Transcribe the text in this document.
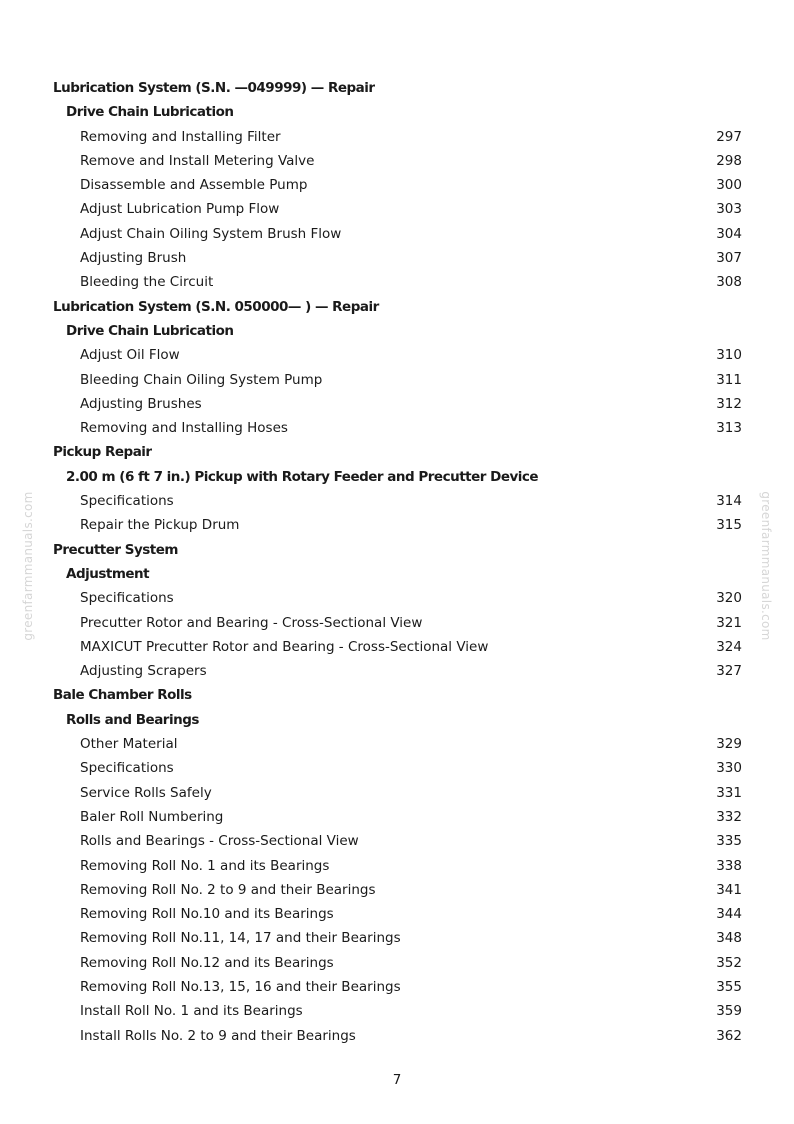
Lubrication System (S.N. —049999) — Repair
Drive Chain Lubrication
Removing and Installing Filter	297
Remove and Install Metering Valve	298
Disassemble and Assemble Pump	300
Adjust Lubrication Pump Flow	303
Adjust Chain Oiling System Brush Flow	304
Adjusting Brush	307
Bleeding the Circuit	308
Lubrication System (S.N. 050000— ) — Repair
Drive Chain Lubrication
Adjust Oil Flow	310
Bleeding Chain Oiling System Pump	311
Adjusting Brushes	312
Removing and Installing Hoses	313
Pickup Repair
2.00 m (6 ft 7 in.) Pickup with Rotary Feeder and Precutter Device
Specifications	314
Repair the Pickup Drum	315
Precutter System
Adjustment
Specifications	320
Precutter Rotor and Bearing - Cross-Sectional View	321
MAXICUT Precutter Rotor and Bearing - Cross-Sectional View	324
Adjusting Scrapers	327
Bale Chamber Rolls
Rolls and Bearings
Other Material	329
Specifications	330
Service Rolls Safely	331
Baler Roll Numbering	332
Rolls and Bearings - Cross-Sectional View	335
Removing Roll No. 1 and its Bearings	338
Removing Roll No. 2 to 9 and their Bearings	341
Removing Roll No.10 and its Bearings	344
Removing Roll No.11, 14, 17 and their Bearings	348
Removing Roll No.12 and its Bearings	352
Removing Roll No.13, 15, 16 and their Bearings	355
Install Roll No. 1 and its Bearings	359
Install Rolls No. 2 to 9 and their Bearings	362
greenfarmmanuals.com	greenfarmmanuals.com
7
